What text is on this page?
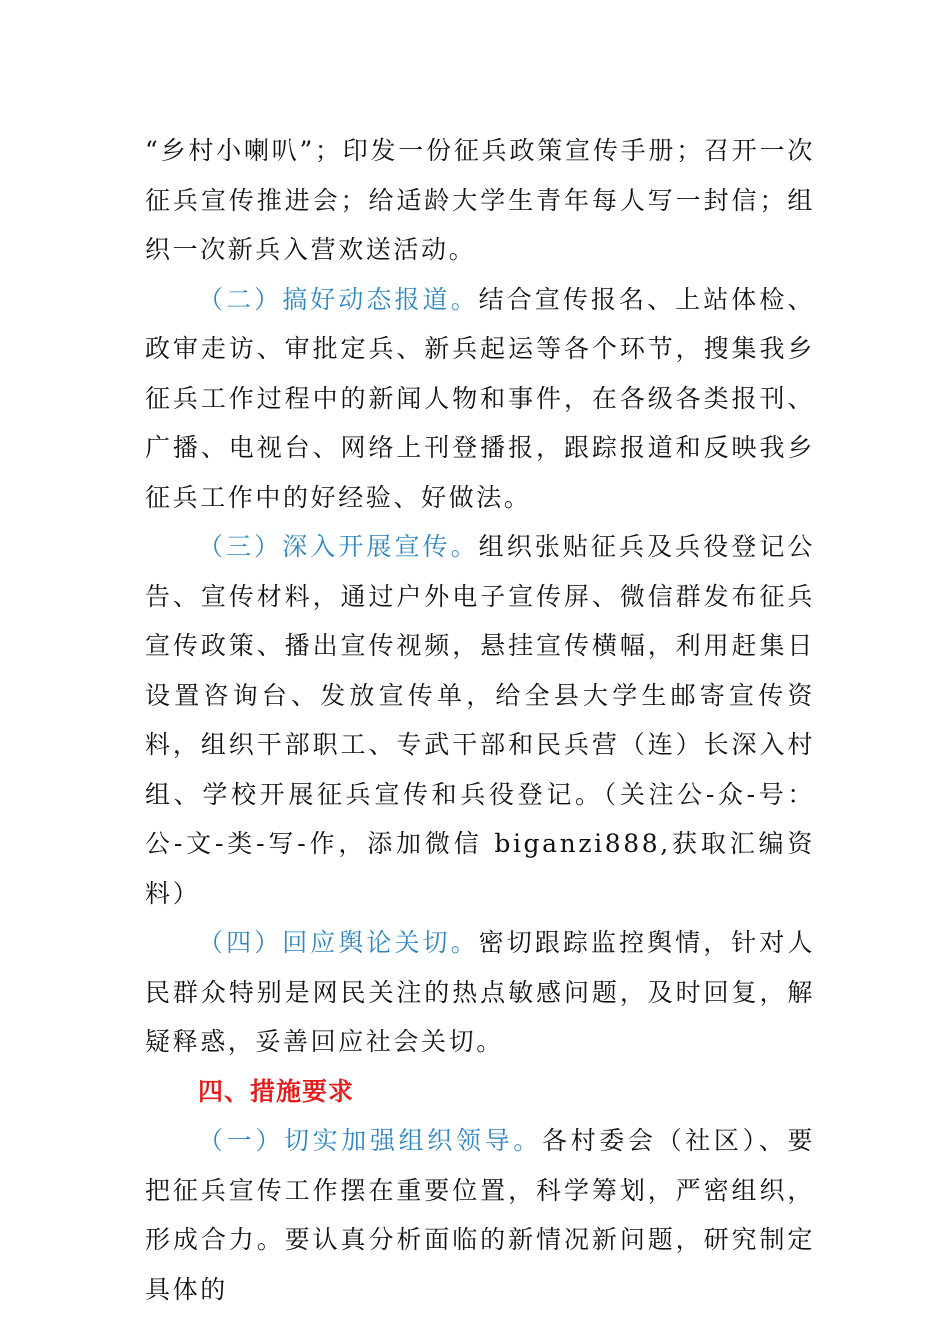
“乡村小喇叭”；印发一份征兵政策宣传手册；召开一次征兵宣传推进会；给适龄大学生青年每人写一封信；组织一次新兵入营欢送活动。

（二）搞好动态报道。结合宣传报名、上站体检、政审走访、审批定兵、新兵起运等各个环节，搜集我乡征兵工作过程中的新闻人物和事件，在各级各类报刊、广播、电视台、网络上刊登播报，跟踪报道和反映我乡征兵工作中的好经验、好做法。

（三）深入开展宣传。组织张贴征兵及兵役登记公告、宣传材料，通过户外电子宣传屏、微信群发布征兵宣传政策、播出宣传视频，悬挂宣传横幅，利用赶集日设置咨询台、发放宣传单，给全县大学生邮寄宣传资料，组织干部职工、专武干部和民兵营（连）长深入村组、学校开展征兵宣传和兵役登记。（关注公-众-号：公-文-类-写-作，添加微信 biganzi888,获取汇编资料）

（四）回应舆论关切。密切跟踪监控舆情，针对人民群众特别是网民关注的热点敏感问题，及时回复，解疑释惑，妥善回应社会关切。

四、措施要求

（一）切实加强组织领导。各村委会（社区）、要把征兵宣传工作摆在重要位置，科学筹划，严密组织，形成合力。要认真分析面临的新情况新问题，研究制定具体的
